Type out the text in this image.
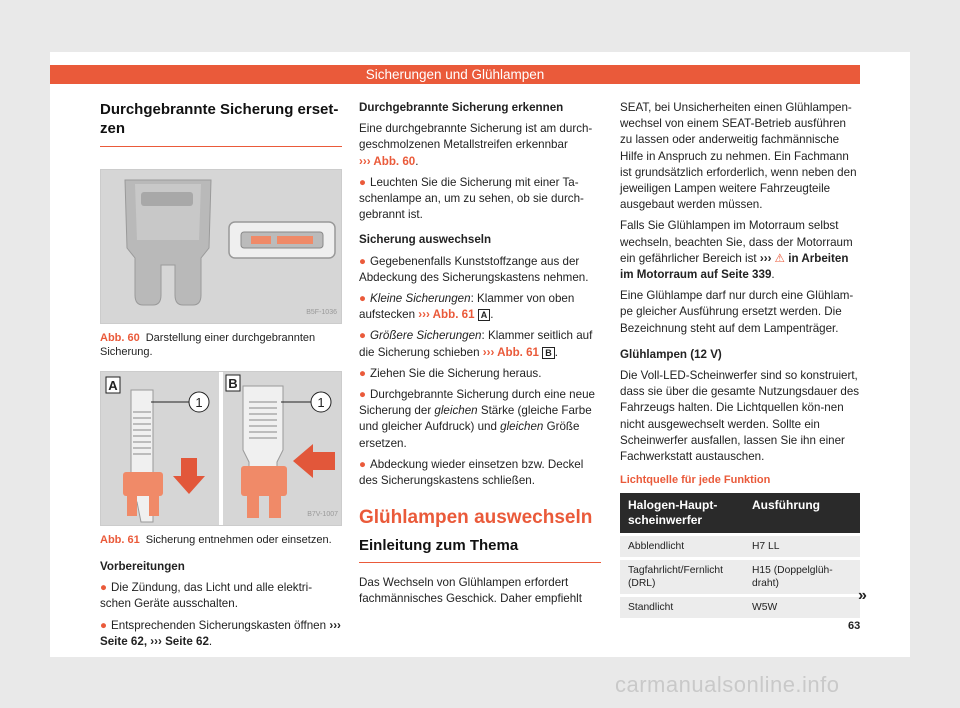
Sicherungen und Glühlampen
Durchgebrannte Sicherung erset-
zen
B5F-1036
Abb. 60 Darstellung einer durchgebrannten Sicherung.
A
1
B
1
B7V-1007
Abb. 61 Sicherung entnehmen oder einsetzen.

Vorbereitungen

● Die Zündung, das Licht und alle elektri-schen Geräte ausschalten.

● Entsprechenden Sicherungskasten öffnen ››› Seite 62, ››› Seite 62.

Durchgebrannte Sicherung erkennen

Eine durchgebrannte Sicherung ist am durch-geschmolzenen Metallstreifen erkennbar
››› Abb. 60.

● Leuchten Sie die Sicherung mit einer Ta-schenlampe an, um zu sehen, ob sie durch-gebrannt ist.

Sicherung auswechseln

● Gegebenenfalls Kunststoffzange aus der Abdeckung des Sicherungskastens nehmen.

● Kleine Sicherungen: Klammer von oben aufstecken ››› Abb. 61 A .

● Größere Sicherungen: Klammer seitlich auf die Sicherung schieben ››› Abb. 61 B .

● Ziehen Sie die Sicherung heraus.

● Durchgebrannte Sicherung durch eine neue Sicherung der gleichen Stärke (gleiche Farbe und gleicher Aufdruck) und gleichen Größe ersetzen.

● Abdeckung wieder einsetzen bzw. Deckel des Sicherungskastens schließen.

Glühlampen auswechseln
Einleitung zum Thema

Das Wechseln von Glühlampen erfordert fachmännisches Geschick. Daher empfiehlt

SEAT, bei Unsicherheiten einen Glühlampen-wechsel von einem SEAT-Betrieb ausführen zu lassen oder anderweitig fachmännische Hilfe in Anspruch zu nehmen. Ein Fachmann ist grundsätzlich erforderlich, wenn neben den jeweiligen Lampen weitere Fahrzeugteile ausgebaut werden müssen.

Falls Sie Glühlampen im Motorraum selbst wechseln, beachten Sie, dass der Motorraum ein gefährlicher Bereich ist ››› ⚠ in Arbeiten im Motorraum auf Seite 339.

Eine Glühlampe darf nur durch eine Glühlam-pe gleicher Ausführung ersetzt werden. Die Bezeichnung steht auf dem Lampenträger.

Glühlampen (12 V)

Die Voll-LED-Scheinwerfer sind so konstruiert, dass sie über die gesamte Nutzungsdauer des Fahrzeugs halten. Die Lichtquellen kön-nen nicht ausgewechselt werden. Sollte ein Scheinwerfer ausfallen, lassen Sie ihn einer Fachwerkstatt austauschen.

Lichtquelle für jede Funktion

Halogen-Haupt-scheinwerfer	Ausführung
Abblendlicht	H7 LL
Tagfahrlicht/Fernlicht (DRL)	H15 (Doppelglüh-draht)
Standlicht	W5W
»
63
carmanualsonline.info
